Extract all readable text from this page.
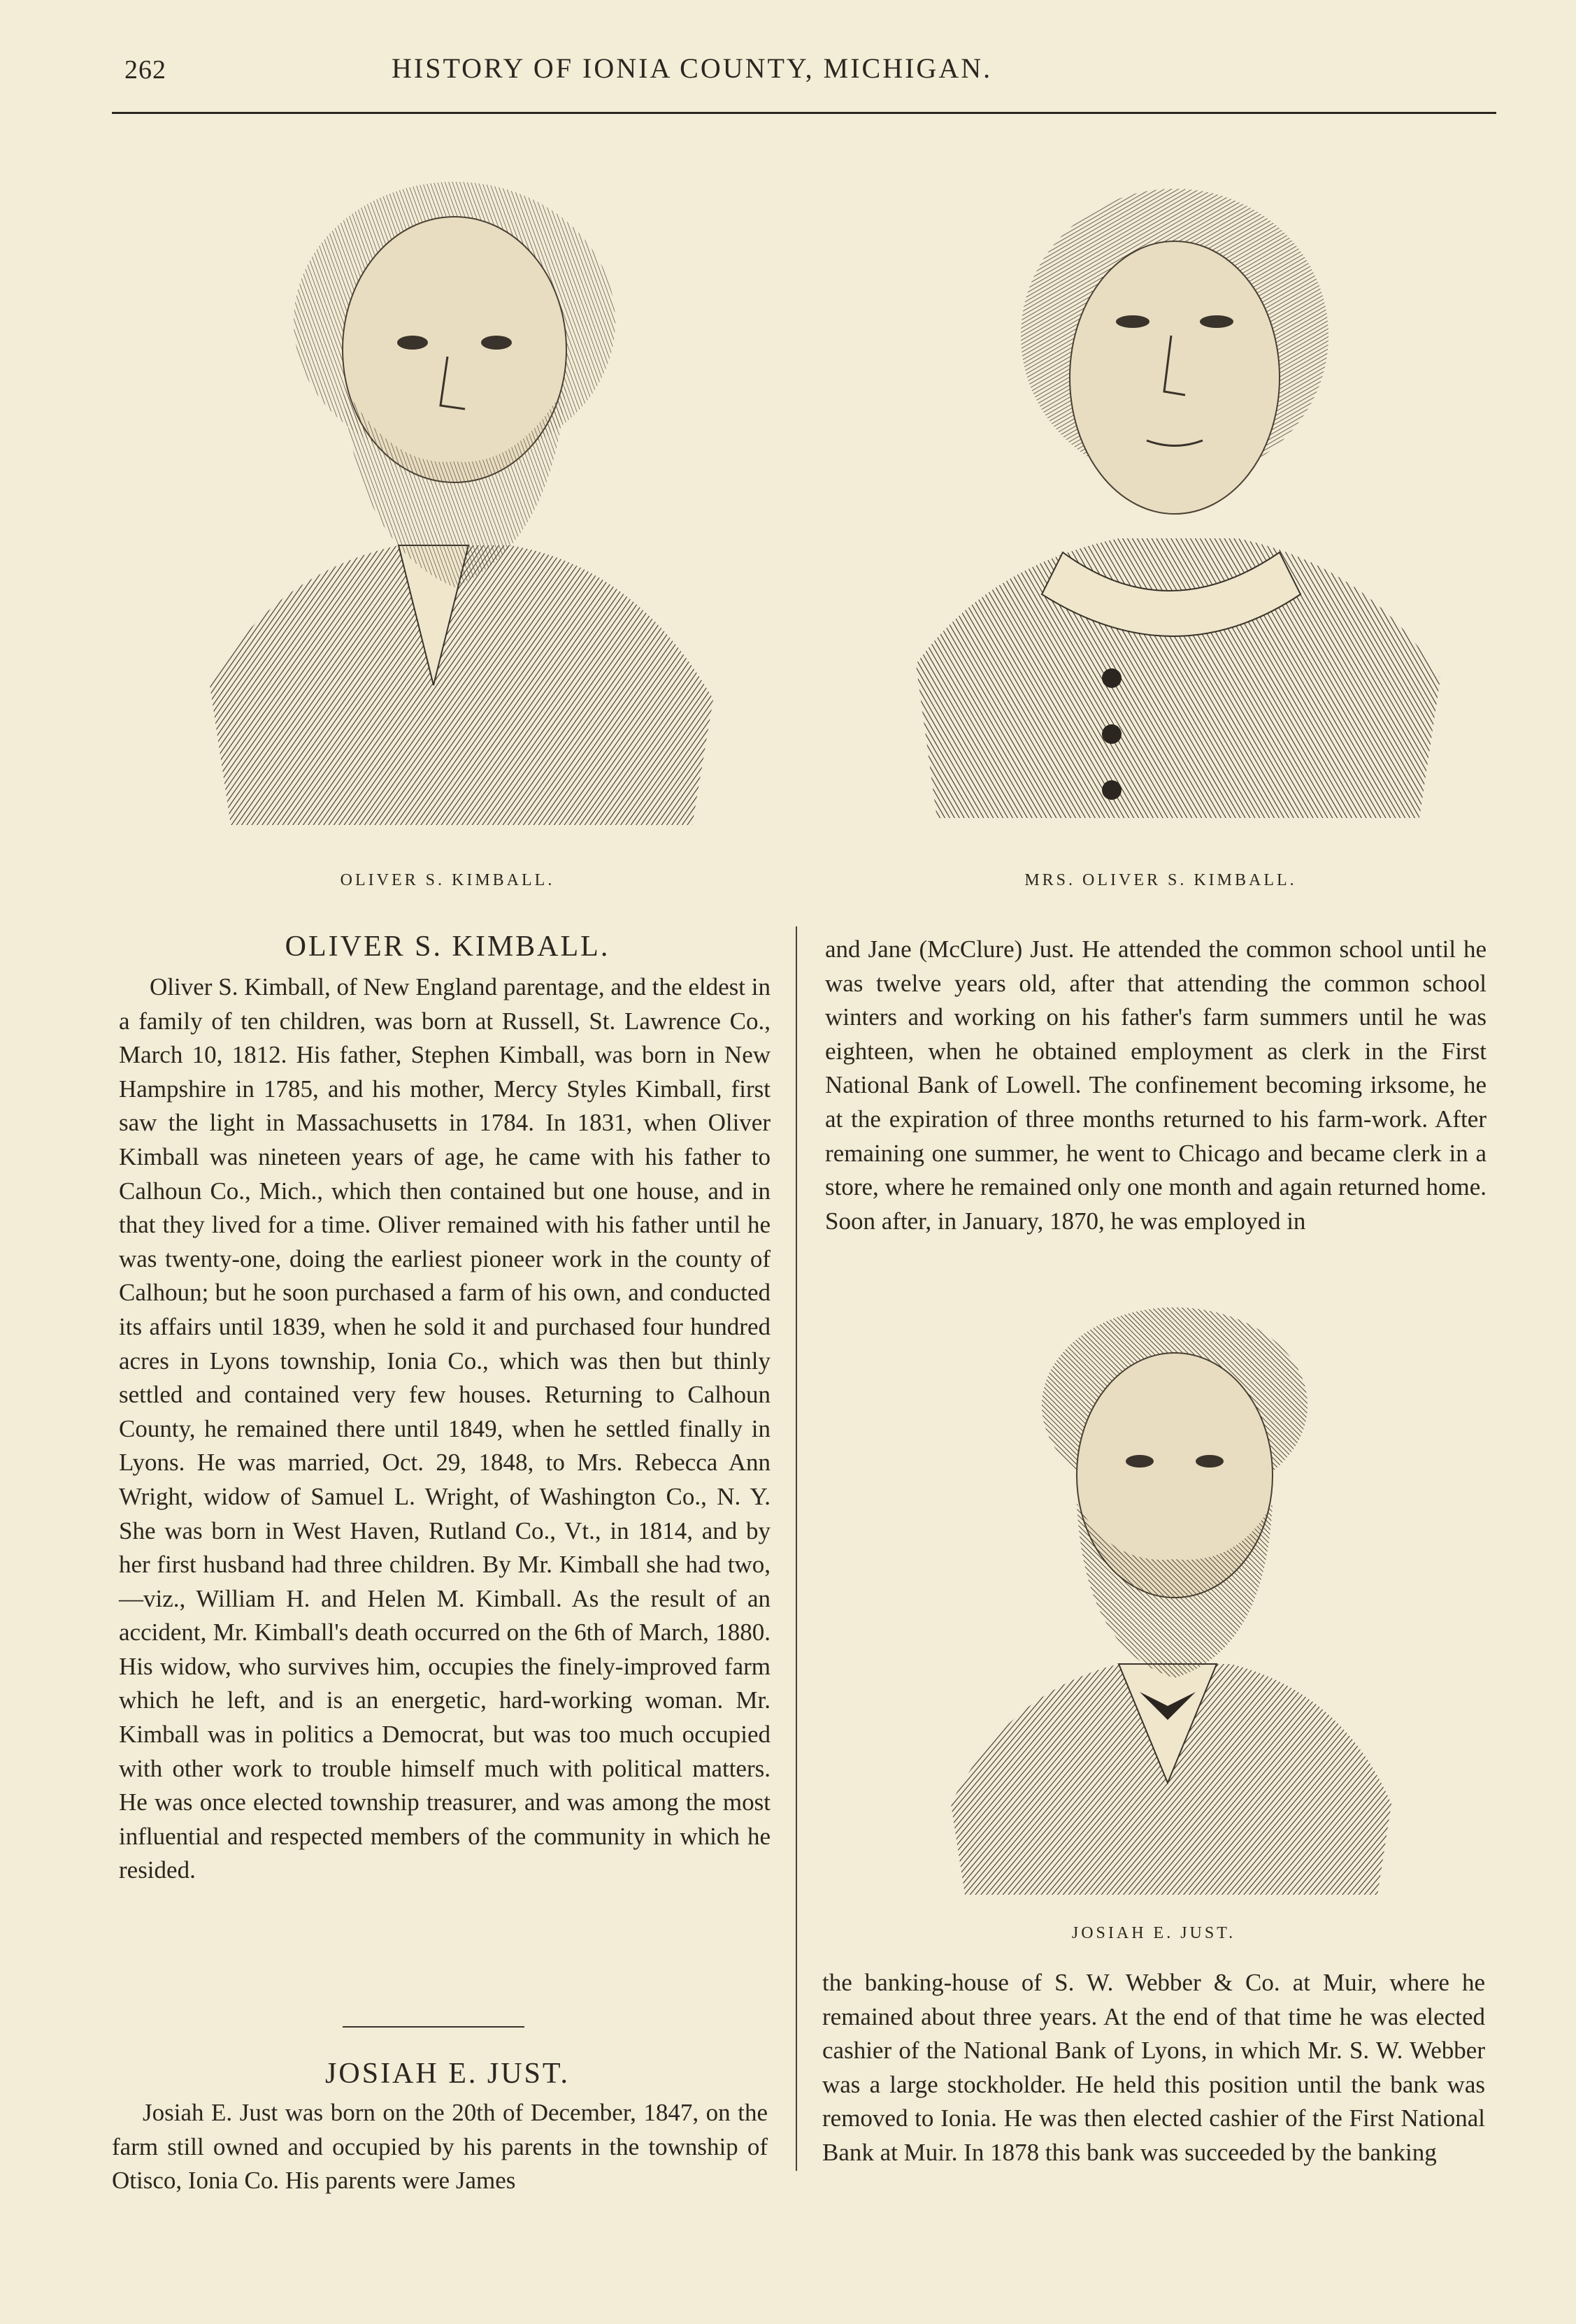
262	HISTORY OF IONIA COUNTY, MICHIGAN.
OLIVER S. KIMBALL.	MRS. OLIVER S. KIMBALL.
JOSIAH E. JUST.
OLIVER S. KIMBALL.

Oliver S. Kimball, of New England parentage, and the eldest in a family of ten children, was born at Russell, St. Lawrence Co., March 10, 1812. His father, Stephen Kimball, was born in New Hampshire in 1785, and his mother, Mercy Styles Kimball, first saw the light in Massachusetts in 1784. In 1831, when Oliver Kimball was nineteen years of age, he came with his father to Calhoun Co., Mich., which then contained but one house, and in that they lived for a time. Oliver remained with his father until he was twenty-one, doing the earliest pioneer work in the county of Calhoun; but he soon purchased a farm of his own, and conducted its affairs until 1839, when he sold it and purchased four hundred acres in Lyons township, Ionia Co., which was then but thinly settled and contained very few houses. Returning to Calhoun County, he remained there until 1849, when he settled finally in Lyons. He was married, Oct. 29, 1848, to Mrs. Rebecca Ann Wright, widow of Samuel L. Wright, of Washington Co., N. Y. She was born in West Haven, Rutland Co., Vt., in 1814, and by her first husband had three children. By Mr. Kimball she had two,—viz., William H. and Helen M. Kimball. As the result of an accident, Mr. Kimball's death occurred on the 6th of March, 1880. His widow, who survives him, occupies the finely-improved farm which he left, and is an energetic, hard-working woman. Mr. Kimball was in politics a Democrat, but was too much occupied with other work to trouble himself much with political matters. He was once elected township treasurer, and was among the most influential and respected members of the community in which he resided.

JOSIAH E. JUST.

Josiah E. Just was born on the 20th of December, 1847, on the farm still owned and occupied by his parents in the township of Otisco, Ionia Co. His parents were James

and Jane (McClure) Just. He attended the common school until he was twelve years old, after that attending the common school winters and working on his father's farm summers until he was eighteen, when he obtained employment as clerk in the First National Bank of Lowell. The confinement becoming irksome, he at the expiration of three months returned to his farm-work. After remaining one summer, he went to Chicago and became clerk in a store, where he remained only one month and again returned home. Soon after, in January, 1870, he was employed in

the banking-house of S. W. Webber & Co. at Muir, where he remained about three years. At the end of that time he was elected cashier of the National Bank of Lyons, in which Mr. S. W. Webber was a large stockholder. He held this position until the bank was removed to Ionia. He was then elected cashier of the First National Bank at Muir. In 1878 this bank was succeeded by the banking
